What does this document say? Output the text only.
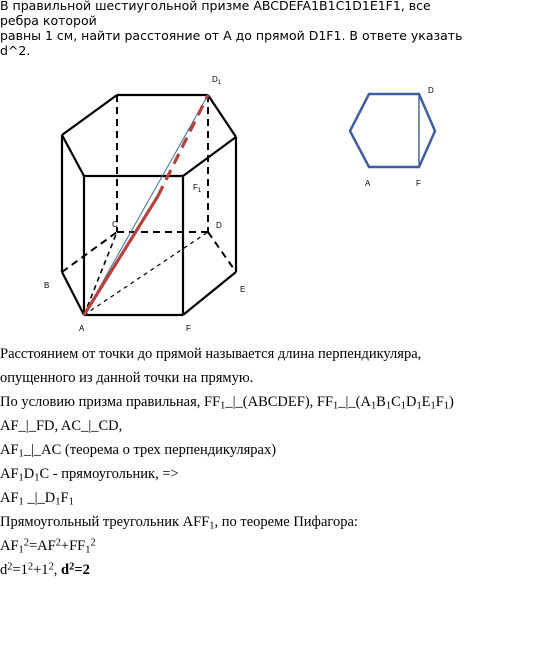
В правильной шестиугольной призме ABCDEFA1B1C1D1E1F1, все ребра которой

равны 1 см, найти расстояние от А до прямой D1F1. В ответе указать d^2.

$D_1$
$F_1$
C	D
B	E
A	F
D
A	F
Расстоянием от точки до прямой называется длина перпендикуляра,
опущенного из данной точки на прямую.
По условию призма правильная, $FF_1\_|\_(ABCDEF)$, $FF_1\_|\_(A_1B_1C_1D_1E_1F_1)$
AF_|_FD, AC_|_CD,
$AF_1\_|\_AC$ (теорема о трех перпендикулярах)
$AF_1D_1C$ - прямоугольник, =>
$AF_1$ $\_|\_D_1F_1$
Прямоугольный треугольник $AFF_1$, по теореме Пифагора:
$AF_1^2=AF^2+FF_1^2$
$d^2=1^2+1^2$, $d^2=2$
